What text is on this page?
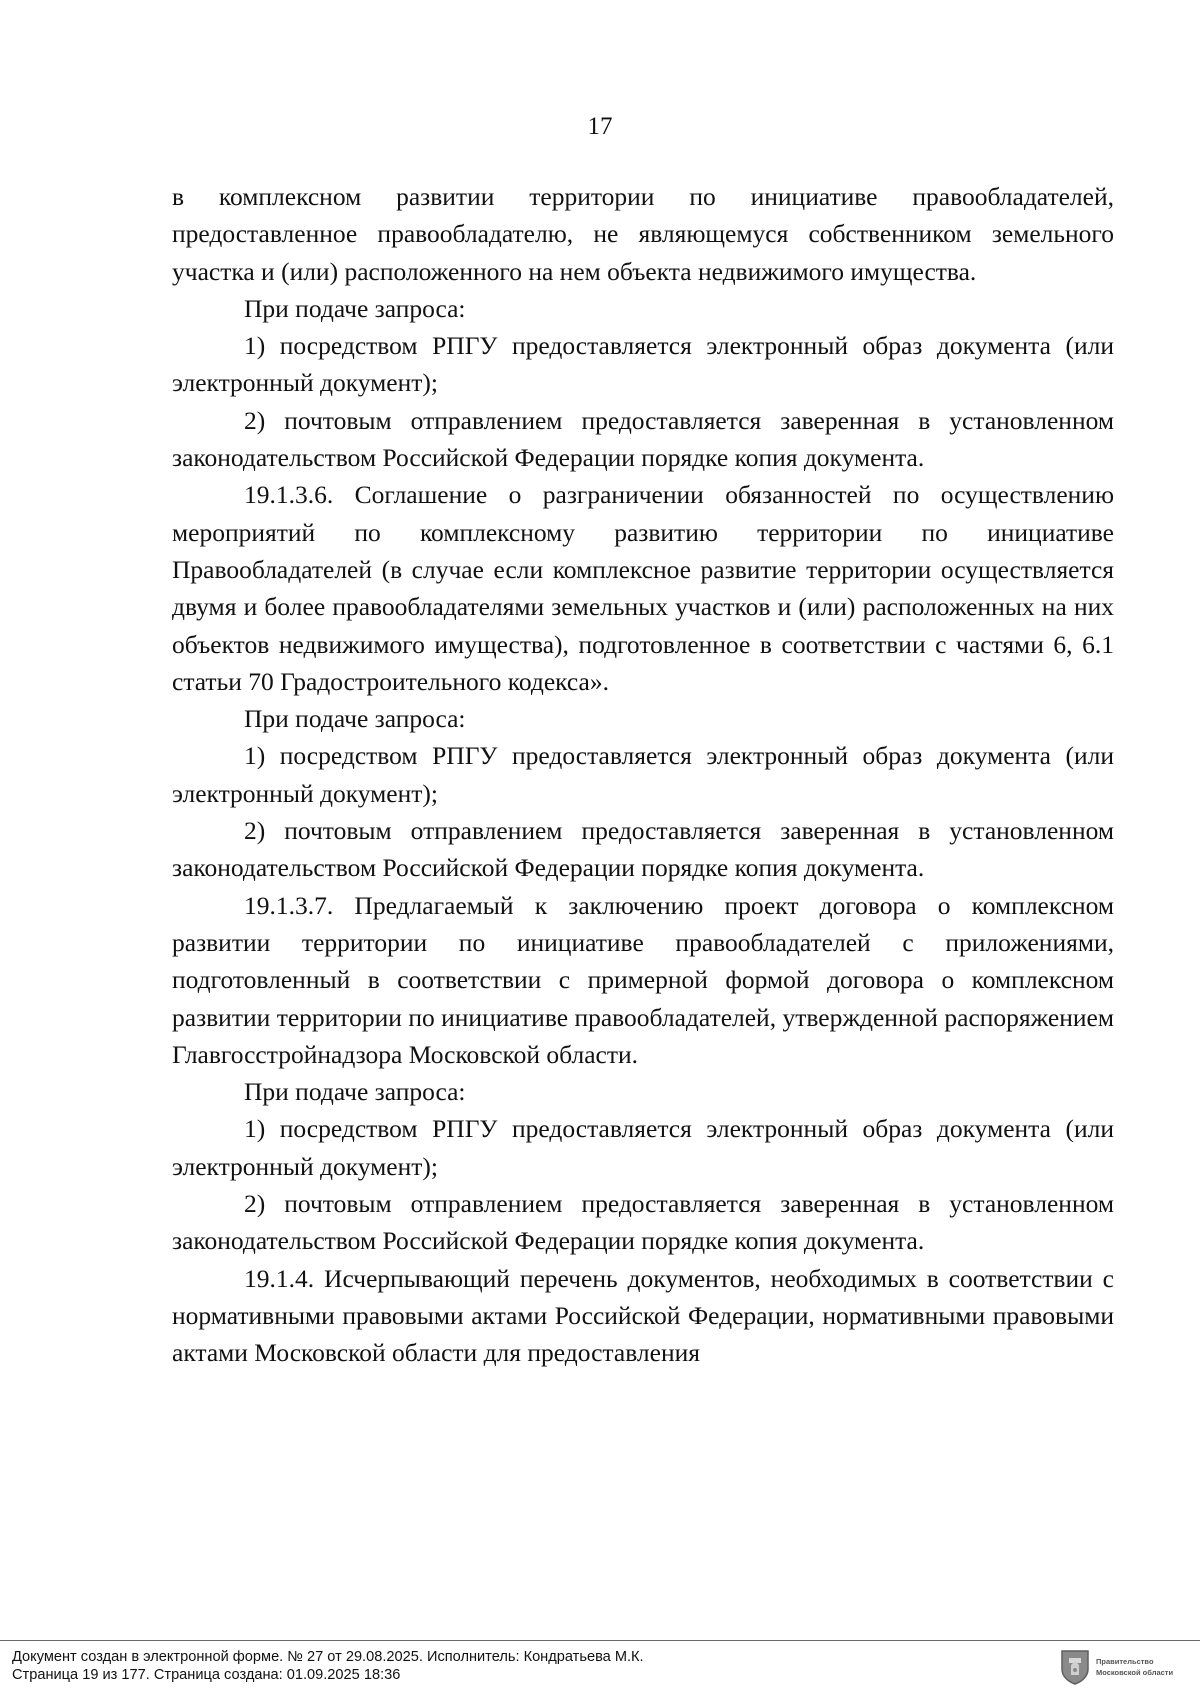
17

в комплексном развитии территории по инициативе правообладателей, предоставленное правообладателю, не являющемуся собственником земельного участка и (или) расположенного на нем объекта недвижимого имущества.

При подаче запроса:

1) посредством РПГУ предоставляется электронный образ документа (или электронный документ);

2) почтовым отправлением предоставляется заверенная в установленном законодательством Российской Федерации порядке копия документа.

19.1.3.6. Соглашение о разграничении обязанностей по осуществлению мероприятий по комплексному развитию территории по инициативе Правообладателей (в случае если комплексное развитие территории осуществляется двумя и более правообладателями земельных участков и (или) расположенных на них объектов недвижимого имущества), подготовленное в соответствии с частями 6, 6.1 статьи 70 Градостроительного кодекса».

При подаче запроса:

1) посредством РПГУ предоставляется электронный образ документа (или электронный документ);

2) почтовым отправлением предоставляется заверенная в установленном законодательством Российской Федерации порядке копия документа.

19.1.3.7. Предлагаемый к заключению проект договора о комплексном развитии территории по инициативе правообладателей с приложениями, подготовленный в соответствии с примерной формой договора о комплексном развитии территории по инициативе правообладателей, утвержденной распоряжением Главгосстройнадзора Московской области.

При подаче запроса:

1) посредством РПГУ предоставляется электронный образ документа (или электронный документ);

2) почтовым отправлением предоставляется заверенная в установленном законодательством Российской Федерации порядке копия документа.

19.1.4. Исчерпывающий перечень документов, необходимых в соответствии с нормативными правовыми актами Российской Федерации, нормативными правовыми актами Московской области для предоставления

Документ создан в электронной форме. № 27 от 29.08.2025. Исполнитель: Кондратьева М.К.
Страница 19 из 177. Страница создана: 01.09.2025 18:36
Правительство
Московской области
